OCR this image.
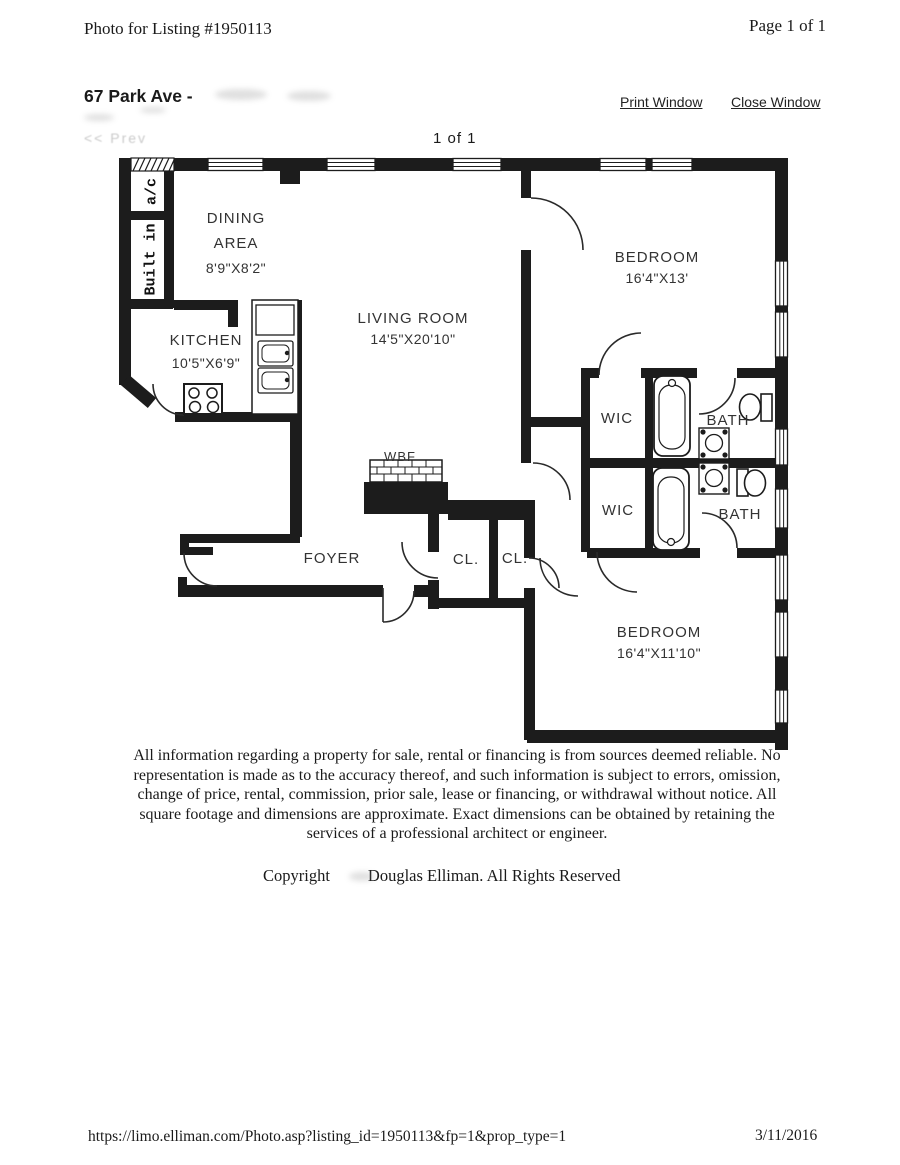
Photo for Listing #1950113	Page 1 of 1
67 Park Ave -	Print Window Close Window
<< Prev	1 of 1
DINING
AREA
8'9"X8'2"
KITCHEN
10'5"X6'9"
LIVING ROOM
14'5"X20'10"
BEDROOM
16'4"X13'
BEDROOM
16'4"X11'10"
WIC	BATH
WIC	BATH
FOYER	CL.	CL.
WBF
Built in
a/c
All information regarding a property for sale, rental or financing is from sources deemed reliable. No
representation is made as to the accuracy thereof, and such information is subject to errors, omission,
change of price, rental, commission, prior sale, lease or financing, or withdrawal without notice. All
square footage and dimensions are approximate. Exact dimensions can be obtained by retaining the
services of a professional architect or engineer.
Copyright Douglas Elliman. All Rights Reserved
https://limo.elliman.com/Photo.asp?listing_id=1950113&fp=1&prop_type=1	3/11/2016
